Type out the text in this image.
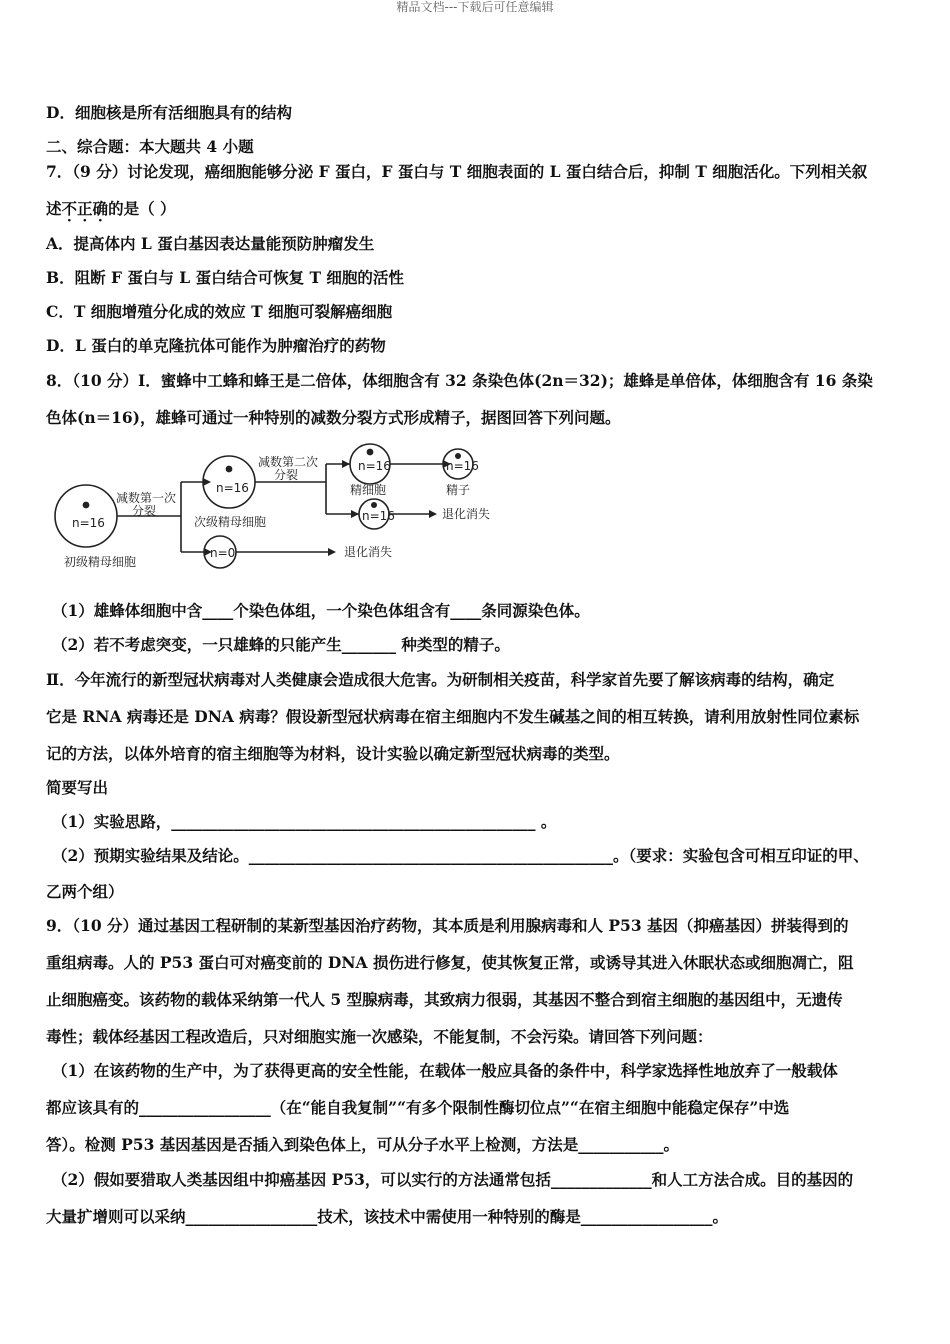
精品文档---下载后可任意编辑
D．细胞核是所有活细胞具有的结构
二、综合题：本大题共 4 小题
7．（9 分）讨论发现，癌细胞能够分泌 F 蛋白，F 蛋白与 T 细胞表面的 L 蛋白结合后，抑制 T 细胞活化。下列相关叙
述不正确的是（ ）
A．提高体内 L 蛋白基因表达量能预防肿瘤发生
B．阻断 F 蛋白与 L 蛋白结合可恢复 T 细胞的活性
C．T 细胞增殖分化成的效应 T 细胞可裂解癌细胞
D．L 蛋白的单克隆抗体可能作为肿瘤治疗的药物
8．（10 分）Ⅰ．蜜蜂中工蜂和蜂王是二倍体，体细胞含有 32 条染色体(2n＝32)；雄蜂是单倍体，体细胞含有 16 条染
色体(n＝16)，雄蜂可通过一种特别的减数分裂方式形成精子，据图回答下列问题。
n=16
初级精母细胞
减数第一次
分裂
n=16
次级精母细胞
减数第二次
分裂
n=16
精细胞
n=16
精子
n=16	退化消失
n=0	退化消失
（1）雄蜂体细胞中含____个染色体组，一个染色体组含有____条同源染色体。
（2）若不考虑突变，一只雄蜂的只能产生_______ 种类型的精子。
Ⅱ．今年流行的新型冠状病毒对人类健康会造成很大危害。为研制相关疫苗，科学家首先要了解该病毒的结构，确定
它是 RNA 病毒还是 DNA 病毒？假设新型冠状病毒在宿主细胞内不发生碱基之间的相互转换，请利用放射性同位素标
记的方法，以体外培育的宿主细胞等为材料，设计实验以确定新型冠状病毒的类型。
简要写出
（1）实验思路，_______________________________________________ 。
（2）预期实验结果及结论。_______________________________________________。（要求：实验包含可相互印证的甲、
乙两个组）
9．（10 分）通过基因工程研制的某新型基因治疗药物，其本质是利用腺病毒和人 P53 基因（抑癌基因）拼装得到的
重组病毒。人的 P53 蛋白可对癌变前的 DNA 损伤进行修复，使其恢复正常，或诱导其进入休眠状态或细胞凋亡，阻
止细胞癌变。该药物的载体采纳第一代人 5 型腺病毒，其致病力很弱，其基因不整合到宿主细胞的基因组中，无遗传
毒性；载体经基因工程改造后，只对细胞实施一次感染，不能复制，不会污染。请回答下列问题：
（1）在该药物的生产中，为了获得更高的安全性能，在载体一般应具备的条件中，科学家选择性地放弃了一般载体
都应该具有的_________________（在“能自我复制”“有多个限制性酶切位点”“在宿主细胞中能稳定保存”中选
答）。检测 P53 基因基因是否插入到染色体上，可从分子水平上检测，方法是___________。
（2）假如要猎取人类基因组中抑癌基因 P53，可以实行的方法通常包括_____________和人工方法合成。目的基因的
大量扩增则可以采纳_________________技术，该技术中需使用一种特别的酶是_________________。
